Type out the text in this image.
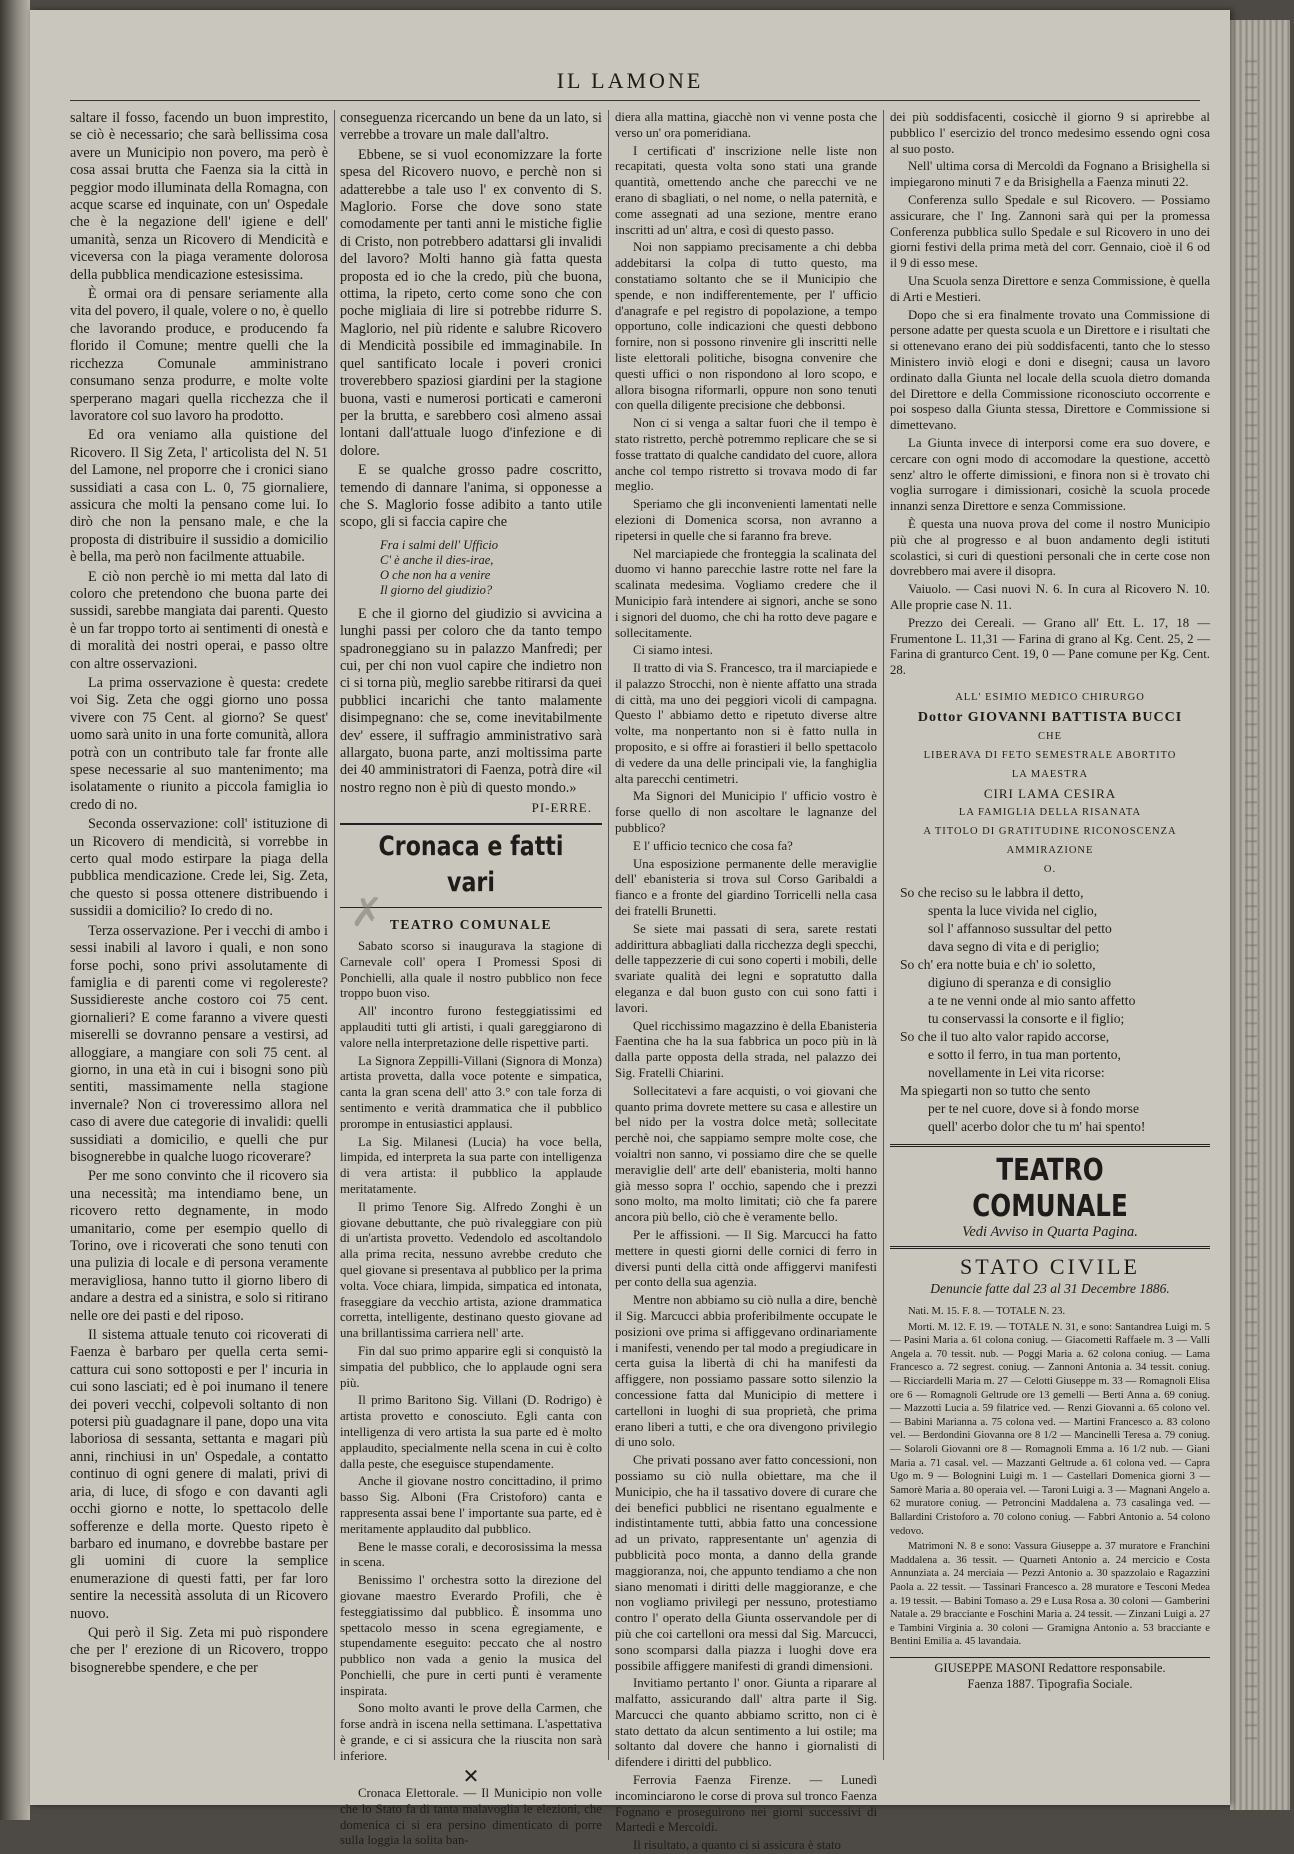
IL LAMONE

saltare il fosso, facendo un buon imprestito, se ciò è necessario; che sarà bellissima cosa avere un Municipio non povero, ma però è cosa assai brutta che Faenza sia la città in peggior modo illuminata della Romagna, con acque scarse ed inquinate, con un' Ospedale che è la negazione dell' igiene e dell' umanità, senza un Ricovero di Mendicità e viceversa con la piaga veramente dolorosa della pubblica mendicazione estesissima.

È ormai ora di pensare seriamente alla vita del povero, il quale, volere o no, è quello che lavorando produce, e producendo fa florido il Comune; mentre quelli che la ricchezza Comunale amministrano consumano senza produrre, e molte volte sperperano magari quella ricchezza che il lavoratore col suo lavoro ha prodotto.

Ed ora veniamo alla quistione del Ricovero. Il Sig Zeta, l' articolista del N. 51 del Lamone, nel proporre che i cronici siano sussidiati a casa con L. 0, 75 giornaliere, assicura che molti la pensano come lui. Io dirò che non la pensano male, e che la proposta di distribuire il sussidio a domicilio è bella, ma però non facilmente attuabile.

E ciò non perchè io mi metta dal lato di coloro che pretendono che buona parte dei sussidi, sarebbe mangiata dai parenti. Questo è un far troppo torto ai sentimenti di onestà e di moralità dei nostri operai, e passo oltre con altre osservazioni.

La prima osservazione è questa: credete voi Sig. Zeta che oggi giorno uno possa vivere con 75 Cent. al giorno? Se quest' uomo sarà unito in una forte comunità, allora potrà con un contributo tale far fronte alle spese necessarie al suo mantenimento; ma isolatamente o riunito a piccola famiglia io credo di no.

Seconda osservazione: coll' istituzione di un Ricovero di mendicità, si vorrebbe in certo qual modo estirpare la piaga della pubblica mendicazione. Crede lei, Sig. Zeta, che questo si possa ottenere distribuendo i sussidii a domicilio? Io credo di no.

Terza osservazione. Per i vecchi di ambo i sessi inabili al lavoro i quali, e non sono forse pochi, sono privi assolutamente di famiglia e di parenti come vi regolereste? Sussidiereste anche costoro coi 75 cent. giornalieri? E come faranno a vivere questi miserelli se dovranno pensare a vestirsi, ad alloggiare, a mangiare con soli 75 cent. al giorno, in una età in cui i bisogni sono più sentiti, massimamente nella stagione invernale? Non ci troveressimo allora nel caso di avere due categorie di invalidi: quelli sussidiati a domicilio, e quelli che pur bisognerebbe in qualche luogo ricoverare?

Per me sono convinto che il ricovero sia una necessità; ma intendiamo bene, un ricovero retto degnamente, in modo umanitario, come per esempio quello di Torino, ove i ricoverati che sono tenuti con una pulizia di locale e di persona veramente meravigliosa, hanno tutto il giorno libero di andare a destra ed a sinistra, e solo si ritirano nelle ore dei pasti e del riposo.

Il sistema attuale tenuto coi ricoverati di Faenza è barbaro per quella certa semi-cattura cui sono sottoposti e per l' incuria in cui sono lasciati; ed è poi inumano il tenere dei poveri vecchi, colpevoli soltanto di non potersi più guadagnare il pane, dopo una vita laboriosa di sessanta, settanta e magari più anni, rinchiusi in un' Ospedale, a contatto continuo di ogni genere di malati, privi di aria, di luce, di sfogo e con davanti agli occhi giorno e notte, lo spettacolo delle sofferenze e della morte. Questo ripeto è barbaro ed inumano, e dovrebbe bastare per gli uomini di cuore la semplice enumerazione di questi fatti, per far loro sentire la necessità assoluta di un Ricovero nuovo.

Qui però il Sig. Zeta mi può rispondere che per l' erezione di un Ricovero, troppo bisognerebbe spendere, e che per

conseguenza ricercando un bene da un lato, si verrebbe a trovare un male dall'altro.

Ebbene, se si vuol economizzare la forte spesa del Ricovero nuovo, e perchè non si adatterebbe a tale uso l' ex convento di S. Maglorio. Forse che dove sono state comodamente per tanti anni le mistiche figlie di Cristo, non potrebbero adattarsi gli invalidi del lavoro? Molti hanno già fatta questa proposta ed io che la credo, più che buona, ottima, la ripeto, certo come sono che con poche migliaia di lire si potrebbe ridurre S. Maglorio, nel più ridente e salubre Ricovero di Mendicità possibile ed immaginabile. In quel santificato locale i poveri cronici troverebbero spaziosi giardini per la stagione buona, vasti e numerosi porticati e cameroni per la brutta, e sarebbero così almeno assai lontani dall'attuale luogo d'infezione e di dolore.

E se qualche grosso padre coscritto, temendo di dannare l'anima, si opponesse a che S. Maglorio fosse adibito a tanto utile scopo, gli si faccia capire che

Fra i salmi dell' Ufficio
C' è anche il dies-irae,
O che non ha a venire
Il giorno del giudizio?

E che il giorno del giudizio si avvicina a lunghi passi per coloro che da tanto tempo spadroneggiano su in palazzo Manfredi; per cui, per chi non vuol capire che indietro non ci si torna più, meglio sarebbe ritirarsi da quei pubblici incarichi che tanto malamente disimpegnano: che se, come inevitabilmente dev' essere, il suffragio amministrativo sarà allargato, buona parte, anzi moltissima parte dei 40 amministratori di Faenza, potrà dire «il nostro regno non è più di questo mondo.»

PI-ERRE.
Cronaca e fatti vari
TEATRO COMUNALE

Sabato scorso si inaugurava la stagione di Carnevale coll' opera I Promessi Sposi di Ponchielli, alla quale il nostro pubblico non fece troppo buon viso.

All' incontro furono festeggiatissimi ed applauditi tutti gli artisti, i quali gareggiarono di valore nella interpretazione delle rispettive parti.

La Signora Zeppilli-Villani (Signora di Monza) artista provetta, dalla voce potente e simpatica, canta la gran scena dell' atto 3.° con tale forza di sentimento e verità drammatica che il pubblico prorompe in entusiastici applausi.

La Sig. Milanesi (Lucia) ha voce bella, limpida, ed interpreta la sua parte con intelligenza di vera artista: il pubblico la applaude meritatamente.

Il primo Tenore Sig. Alfredo Zonghi è un giovane debuttante, che può rivaleggiare con più di un'artista provetto. Vedendolo ed ascoltandolo alla prima recita, nessuno avrebbe creduto che quel giovane si presentava al pubblico per la prima volta. Voce chiara, limpida, simpatica ed intonata, fraseggiare da vecchio artista, azione drammatica corretta, intelligente, destinano questo giovane ad una brillantissima carriera nell' arte.

Fin dal suo primo apparire egli si conquistò la simpatia del pubblico, che lo applaude ogni sera più.

Il primo Baritono Sig. Villani (D. Rodrigo) è artista provetto e conosciuto. Egli canta con intelligenza di vero artista la sua parte ed è molto applaudito, specialmente nella scena in cui è colto dalla peste, che eseguisce stupendamente.

Anche il giovane nostro concittadino, il primo basso Sig. Alboni (Fra Cristoforo) canta e rappresenta assai bene l' importante sua parte, ed è meritamente applaudito dal pubblico.

Bene le masse corali, e decorosissima la messa in scena.

Benissimo l' orchestra sotto la direzione del giovane maestro Everardo Profili, che è festeggiatissimo dal pubblico. È insomma uno spettacolo messo in scena egregiamente, e stupendamente eseguito: peccato che al nostro pubblico non vada a genio la musica del Ponchielli, che pure in certi punti è veramente inspirata.

Sono molto avanti le prove della Carmen, che forse andrà in iscena nella settimana. L'aspettativa è grande, e ci si assicura che la riuscita non sarà inferiore.

✕

Cronaca Elettorale. — Il Municipio non volle che lo Stato fa di tanta malavoglia le elezioni, che domenica ci si era persino dimenticato di porre sulla loggia la solita ban-

diera alla mattina, giacchè non vi venne posta che verso un' ora pomeridiana.

I certificati d' inscrizione nelle liste non recapitati, questa volta sono stati una grande quantità, omettendo anche che parecchi ve ne erano di sbagliati, o nel nome, o nella paternità, e come assegnati ad una sezione, mentre erano inscritti ad un' altra, e così di questo passo.

Noi non sappiamo precisamente a chi debba addebitarsi la colpa di tutto questo, ma constatiamo soltanto che se il Municipio che spende, e non indifferentemente, per l' ufficio d'anagrafe e pel registro di popolazione, a tempo opportuno, colle indicazioni che questi debbono fornire, non si possono rinvenire gli inscritti nelle liste elettorali politiche, bisogna convenire che questi uffici o non rispondono al loro scopo, e allora bisogna riformarli, oppure non sono tenuti con quella diligente precisione che debbonsi.

Non ci si venga a saltar fuori che il tempo è stato ristretto, perchè potremmo replicare che se si fosse trattato di qualche candidato del cuore, allora anche col tempo ristretto si trovava modo di far meglio.

Speriamo che gli inconvenienti lamentati nelle elezioni di Domenica scorsa, non avranno a ripetersi in quelle che si faranno fra breve.

Nel marciapiede che fronteggia la scalinata del duomo vi hanno parecchie lastre rotte nel fare la scalinata medesima. Vogliamo credere che il Municipio farà intendere ai signori, anche se sono i signori del duomo, che chi ha rotto deve pagare e sollecitamente.

Ci siamo intesi.

Il tratto di via S. Francesco, tra il marciapiede e il palazzo Strocchi, non è niente affatto una strada di città, ma uno dei peggiori vicoli di campagna. Questo l' abbiamo detto e ripetuto diverse altre volte, ma nonpertanto non si è fatto nulla in proposito, e si offre ai forastieri il bello spettacolo di vedere da una delle principali vie, la fanghiglia alta parecchi centimetri.

Ma Signori del Municipio l' ufficio vostro è forse quello di non ascoltare le lagnanze del pubblico?

E l' ufficio tecnico che cosa fa?

Una esposizione permanente delle meraviglie dell' ebanisteria si trova sul Corso Garibaldi a fianco e a fronte del giardino Torricelli nella casa dei fratelli Brunetti.

Se siete mai passati di sera, sarete restati addirittura abbagliati dalla ricchezza degli specchi, delle tappezzerie di cui sono coperti i mobili, delle svariate qualità dei legni e sopratutto dalla eleganza e dal buon gusto con cui sono fatti i lavori.

Quel ricchissimo magazzino è della Ebanisteria Faentina che ha la sua fabbrica un poco più in là dalla parte opposta della strada, nel palazzo dei Sig. Fratelli Chiarini.

Sollecitatevi a fare acquisti, o voi giovani che quanto prima dovrete mettere su casa e allestire un bel nido per la vostra dolce metà; sollecitate perchè noi, che sappiamo sempre molte cose, che voialtri non sanno, vi possiamo dire che se quelle meraviglie dell' arte dell' ebanisteria, molti hanno già messo sopra l' occhio, sapendo che i prezzi sono molto, ma molto limitati; ciò che fa parere ancora più bello, ciò che è veramente bello.

Per le affissioni. — Il Sig. Marcucci ha fatto mettere in questi giorni delle cornici di ferro in diversi punti della città onde affiggervi manifesti per conto della sua agenzia.

Mentre non abbiamo su ciò nulla a dire, benchè il Sig. Marcucci abbia proferibilmente occupate le posizioni ove prima si affiggevano ordinariamente i manifesti, venendo per tal modo a pregiudicare in certa guisa la libertà di chi ha manifesti da affiggere, non possiamo passare sotto silenzio la concessione fatta dal Municipio di mettere i cartelloni in luoghi di sua proprietà, che prima erano liberi a tutti, e che ora divengono privilegio di uno solo.

Che privati possano aver fatto concessioni, non possiamo su ciò nulla obiettare, ma che il Municipio, che ha il tassativo dovere di curare che dei benefici pubblici ne risentano egualmente e indistintamente tutti, abbia fatto una concessione ad un privato, rappresentante un' agenzia di pubblicità poco monta, a danno della grande maggioranza, noi, che appunto tendiamo a che non siano menomati i diritti delle maggioranze, e che non vogliamo privilegi per nessuno, protestiamo contro l' operato della Giunta osservandole per di più che coi cartelloni ora messi dal Sig. Marcucci, sono scomparsi dalla piazza i luoghi dove era possibile affiggere manifesti di grandi dimensioni.

Invitiamo pertanto l' onor. Giunta a riparare al malfatto, assicurando dall' altra parte il Sig. Marcucci che quanto abbiamo scritto, non ci è stato dettato da alcun sentimento a lui ostile; ma soltanto dal dovere che hanno i giornalisti di difendere i diritti del pubblico.

Ferrovia Faenza Firenze. — Lunedì incominciarono le corse di prova sul tronco Faenza Fognano e proseguirono nei giorni successivi di Martedì e Mercoldì.

Il risultato, a quanto ci si assicura è stato

dei più soddisfacenti, cosicchè il giorno 9 si aprirebbe al pubblico l' esercizio del tronco medesimo essendo ogni cosa al suo posto.

Nell' ultima corsa di Mercoldì da Fognano a Brisighella si impiegarono minuti 7 e da Brisighella a Faenza minuti 22.

Conferenza sullo Spedale e sul Ricovero. — Possiamo assicurare, che l' Ing. Zannoni sarà qui per la promessa Conferenza pubblica sullo Spedale e sul Ricovero in uno dei giorni festivi della prima metà del corr. Gennaio, cioè il 6 od il 9 di esso mese.

Una Scuola senza Direttore e senza Commissione, è quella di Arti e Mestieri.

Dopo che si era finalmente trovato una Commissione di persone adatte per questa scuola e un Direttore e i risultati che si ottenevano erano dei più soddisfacenti, tanto che lo stesso Ministero inviò elogi e doni e disegni; causa un lavoro ordinato dalla Giunta nel locale della scuola dietro domanda del Direttore e della Commissione riconosciuto occorrente e poi sospeso dalla Giunta stessa, Direttore e Commissione si dimettevano.

La Giunta invece di interporsi come era suo dovere, e cercare con ogni modo di accomodare la questione, accettò senz' altro le offerte dimissioni, e finora non si è trovato chi voglia surrogare i dimissionari, cosichè la scuola procede innanzi senza Direttore e senza Commissione.

È questa una nuova prova del come il nostro Municipio più che al progresso e al buon andamento degli istituti scolastici, si curi di questioni personali che in certe cose non dovrebbero mai avere il disopra.

Vaiuolo. — Casi nuovi N. 6. In cura al Ricovero N. 10. Alle proprie case N. 11.

Prezzo dei Cereali. — Grano all' Ett. L. 17, 18 — Frumentone L. 11,31 — Farina di grano al Kg. Cent. 25, 2 — Farina di granturco Cent. 19, 0 — Pane comune per Kg. Cent. 28.

ALL' ESIMIO MEDICO CHIRURGO
Dottor GIOVANNI BATTISTA BUCCI
CHE
LIBERAVA DI FETO SEMESTRALE ABORTITO
LA MAESTRA
CIRI LAMA CESIRA
LA FAMIGLIA DELLA RISANATA
A TITOLO DI GRATITUDINE RICONOSCENZA
AMMIRAZIONE
O.
So che reciso su le labbra il detto,
spenta la luce vivida nel ciglio,
sol l' affannoso sussultar del petto
dava segno di vita e di periglio;
So ch' era notte buia e ch' io soletto,
digiuno di speranza e di consiglio
a te ne venni onde al mio santo affetto
tu conservassi la consorte e il figlio;
So che il tuo alto valor rapido accorse,
e sotto il ferro, in tua man portento,
novellamente in Lei vita ricorse:
Ma spiegarti non so tutto che sento
per te nel cuore, dove si à fondo morse
quell' acerbo dolor che tu m' hai spento!
TEATRO COMUNALE
Vedi Avviso in Quarta Pagina.
STATO CIVILE
Denuncie fatte dal 23 al 31 Decembre 1886.

Nati. M. 15. F. 8. — TOTALE N. 23.

Morti. M. 12. F. 19. — TOTALE N. 31, e sono: Santandrea Luigi m. 5 — Pasini Maria a. 61 colona coniug. — Giacometti Raffaele m. 3 — Valli Angela a. 70 tessit. nub. — Poggi Maria a. 62 colona coniug. — Lama Francesco a. 72 segrest. coniug. — Zannoni Antonia a. 34 tessit. coniug. — Ricciardelli Maria m. 27 — Celotti Giuseppe m. 33 — Romagnoli Elisa ore 6 — Romagnoli Geltrude ore 13 gemelli — Berti Anna a. 69 coniug. — Mazzotti Lucia a. 59 filatrice ved. — Renzi Giovanni a. 65 colono vel. — Babini Marianna a. 75 colona ved. — Martini Francesco a. 83 colono vel. — Berdondini Giovanna ore 8 1/2 — Mancinelli Teresa a. 79 coniug. — Solaroli Giovanni ore 8 — Romagnoli Emma a. 16 1/2 nub. — Giani Maria a. 71 casal. vel. — Mazzanti Geltrude a. 61 colona ved. — Capra Ugo m. 9 — Bolognini Luigi m. 1 — Castellari Domenica giorni 3 — Samorè Maria a. 80 operaia vel. — Taroni Luigi a. 3 — Magnani Angelo a. 62 muratore coniug. — Petroncini Maddalena a. 73 casalinga ved. — Ballardini Cristoforo a. 70 colono coniug. — Fabbri Antonio a. 54 colono vedovo.

Matrimoni N. 8 e sono: Vassura Giuseppe a. 37 muratore e Franchini Maddalena a. 36 tessit. — Quarneti Antonio a. 24 mercicio e Costa Annunziata a. 24 merciaia — Pezzi Antonio a. 30 spazzolaio e Ragazzini Paola a. 22 tessit. — Tassinari Francesco a. 28 muratore e Tesconi Medea a. 19 tessit. — Babini Tomaso a. 29 e Lusa Rosa a. 30 coloni — Gamberini Natale a. 29 bracciante e Foschini Maria a. 24 tessit. — Zinzani Luigi a. 27 e Tambini Virginia a. 30 coloni — Gramigna Antonio a. 53 bracciante e Bentini Emilia a. 45 lavandaia.

GIUSEPPE MASONI Redattore responsabile.
Faenza 1887. Tipografia Sociale.
✗
